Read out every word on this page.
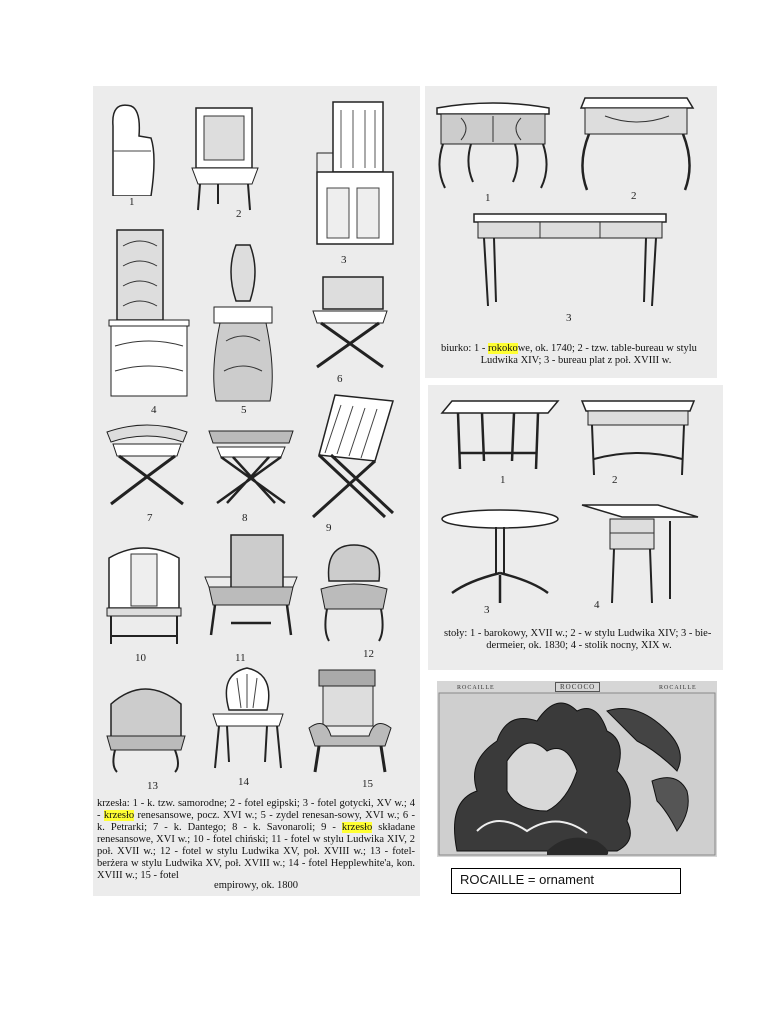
1
2
3
4	5
6
7	8
9
10	11	12
13	14	15
krzesła: 1 - k. tzw. samorodne; 2 - fotel egipski; 3 - fotel gotycki, XV w.; 4 - krzesło renesansowe, pocz. XVI w.; 5 - zydel renesan-sowy, XVI w.; 6 - k. Petrarki; 7 - k. Dantego; 8 - k. Savonaroli; 9 - krzesło składane renesansowe, XVI w.; 10 - fotel chiński; 11 - fotel w stylu Ludwika XIV, 2 poł. XVII w.; 12 - fotel w stylu Ludwika XV, poł. XVIII w.; 13 - fotel-berżera w stylu Ludwika XV, poł. XVIII w.; 14 - fotel Hepplewhite'a, kon. XVIII w.; 15 - fotel
empirowy, ok. 1800
1	2
3
biurko: 1 - rokokowe, ok. 1740; 2 - tzw. table-bureau w stylu
Ludwika XIV; 3 - bureau plat z poł. XVIII w.
1	2
3	4
stoły: 1 - barokowy, XVII w.; 2 - w stylu Ludwika XIV; 3 - bie-
dermeier, ok. 1830; 4 - stolik nocny, XIX w.
ROCAILLE	ROCOCO	ROCAILLE
ROCAILLE = ornament
